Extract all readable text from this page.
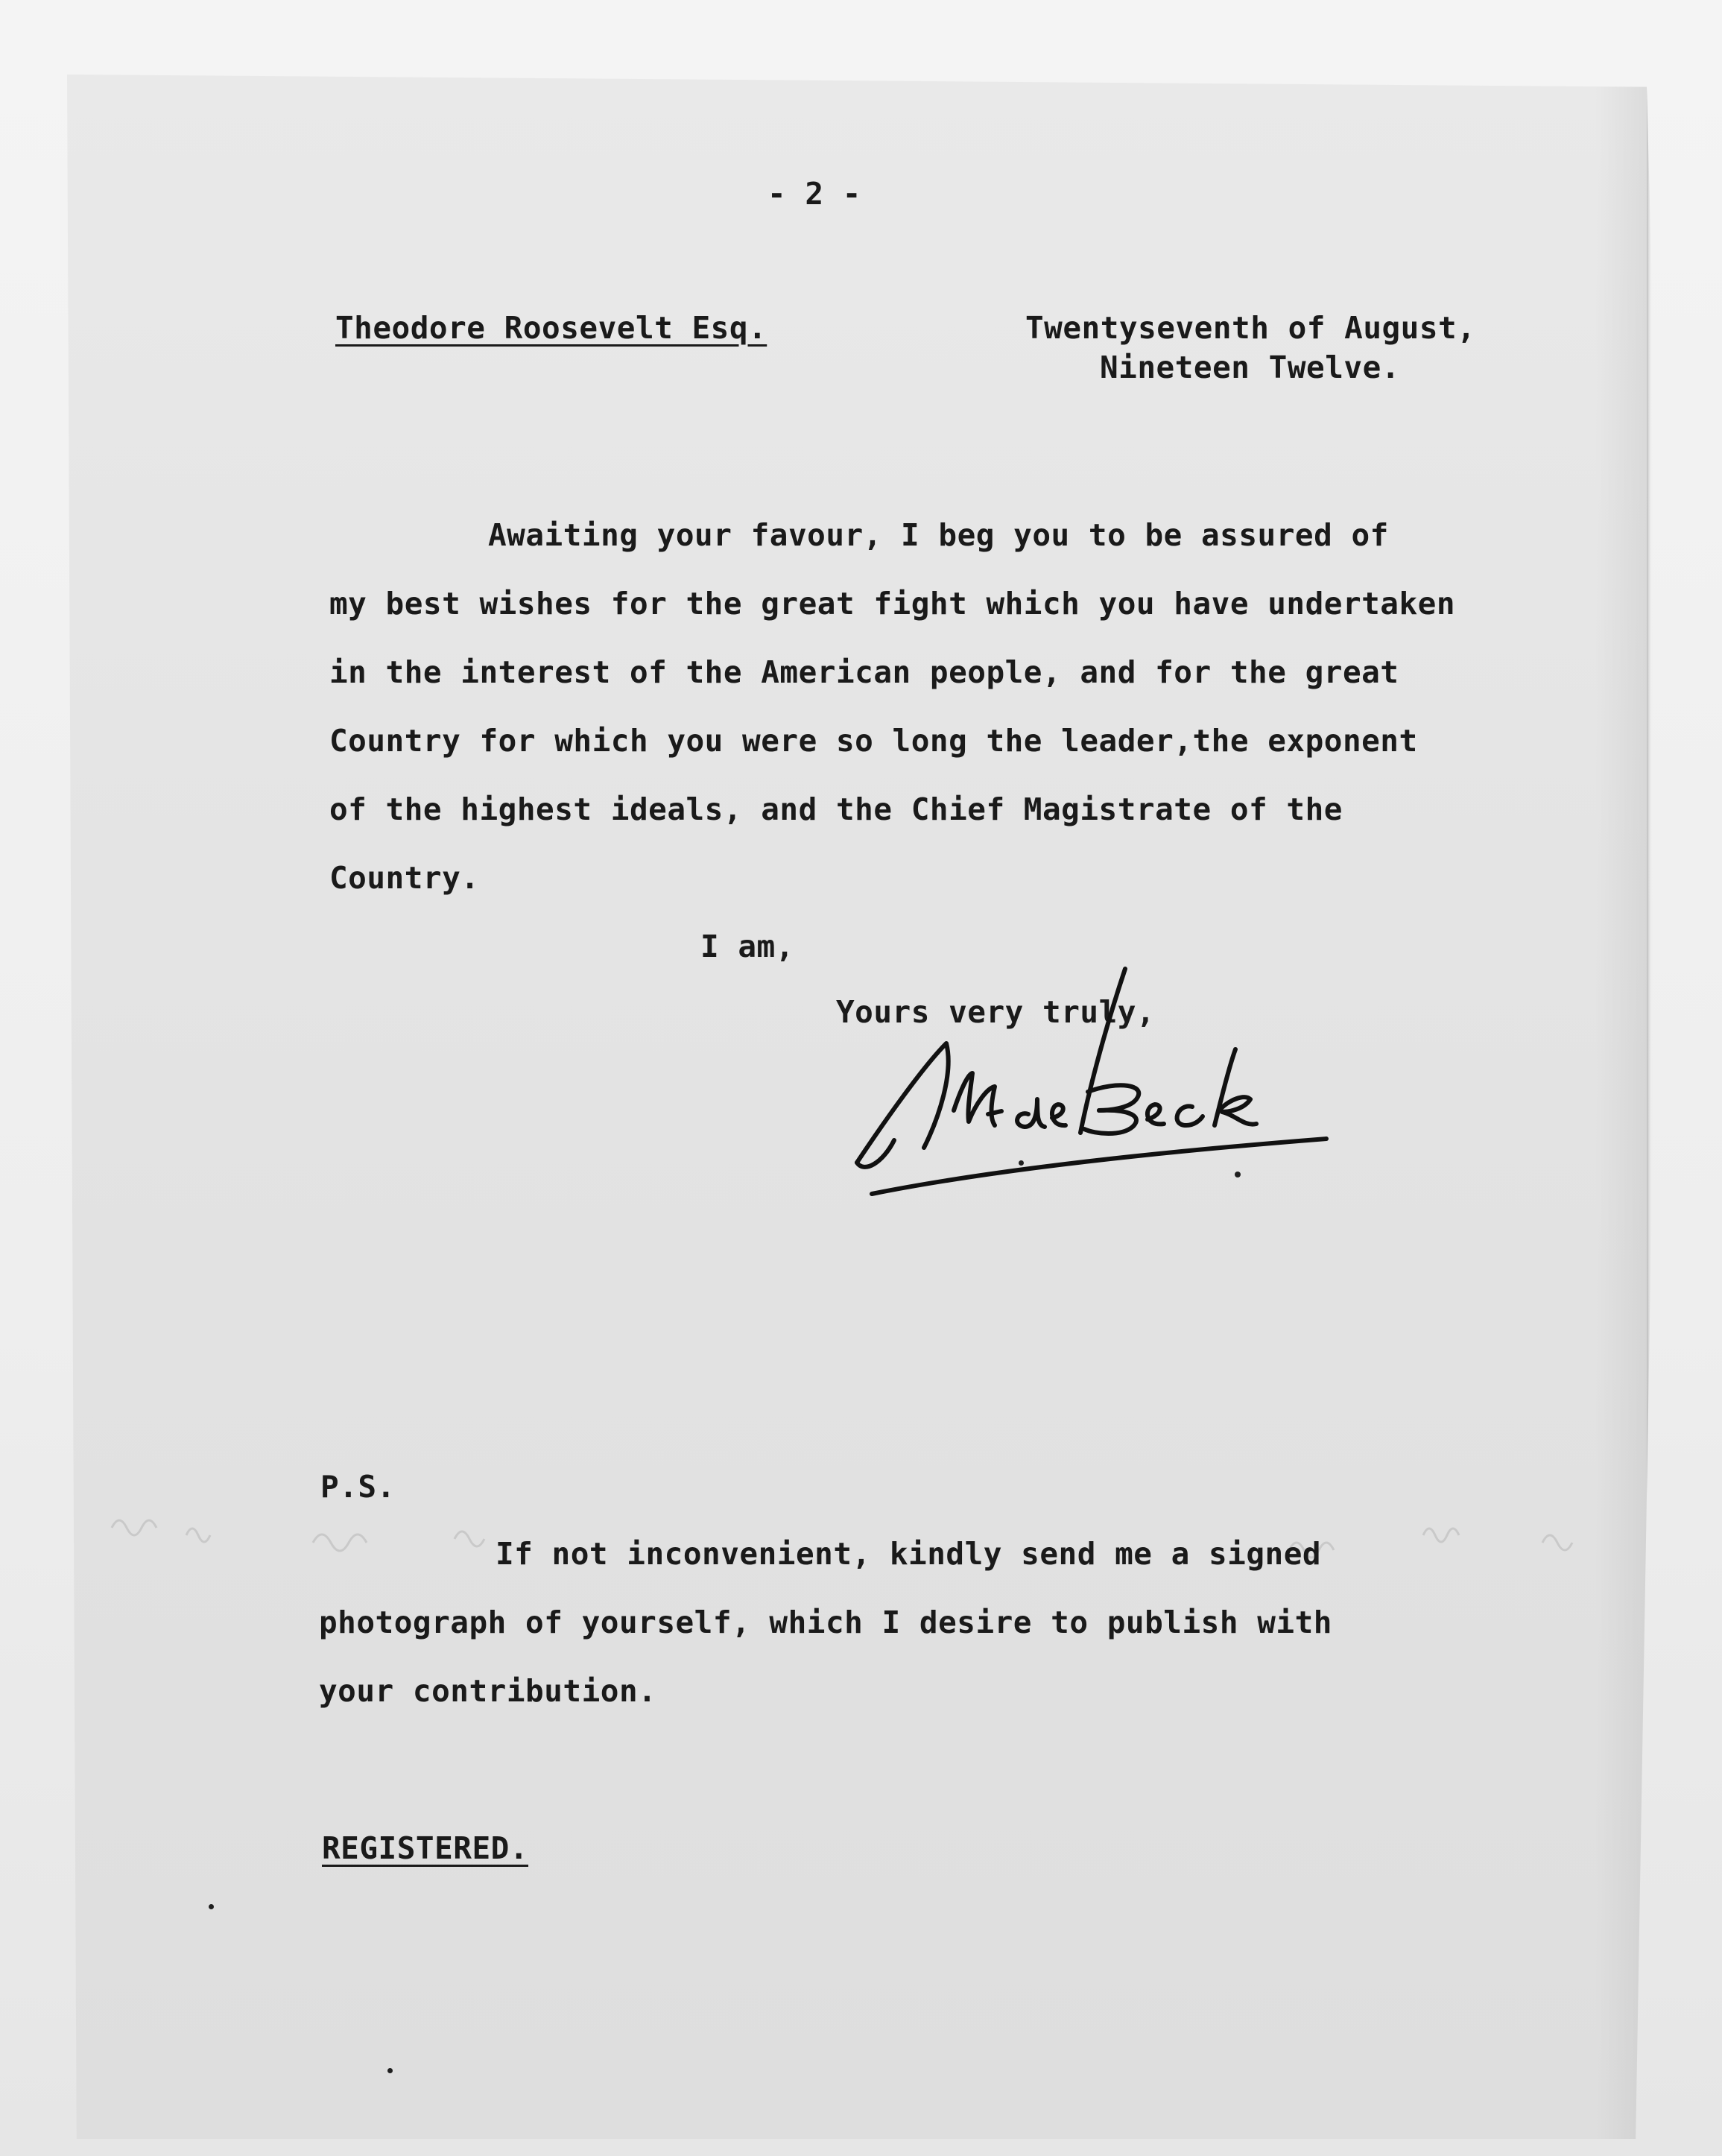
- 2 -

Theodore Roosevelt Esq.	Twentyseventh of August,

Nineteen Twelve.

Awaiting your favour, I beg you to be assured of

my best wishes for the great fight which you have undertaken

in the interest of the American people, and for the great

Country for which you were so long the leader,the exponent

of the highest ideals, and the Chief Magistrate of the

Country.

I am,

Yours very truly,

P.S.

If not inconvenient, kindly send me a signed

photograph of yourself, which I desire to publish with

your contribution.

REGISTERED.
